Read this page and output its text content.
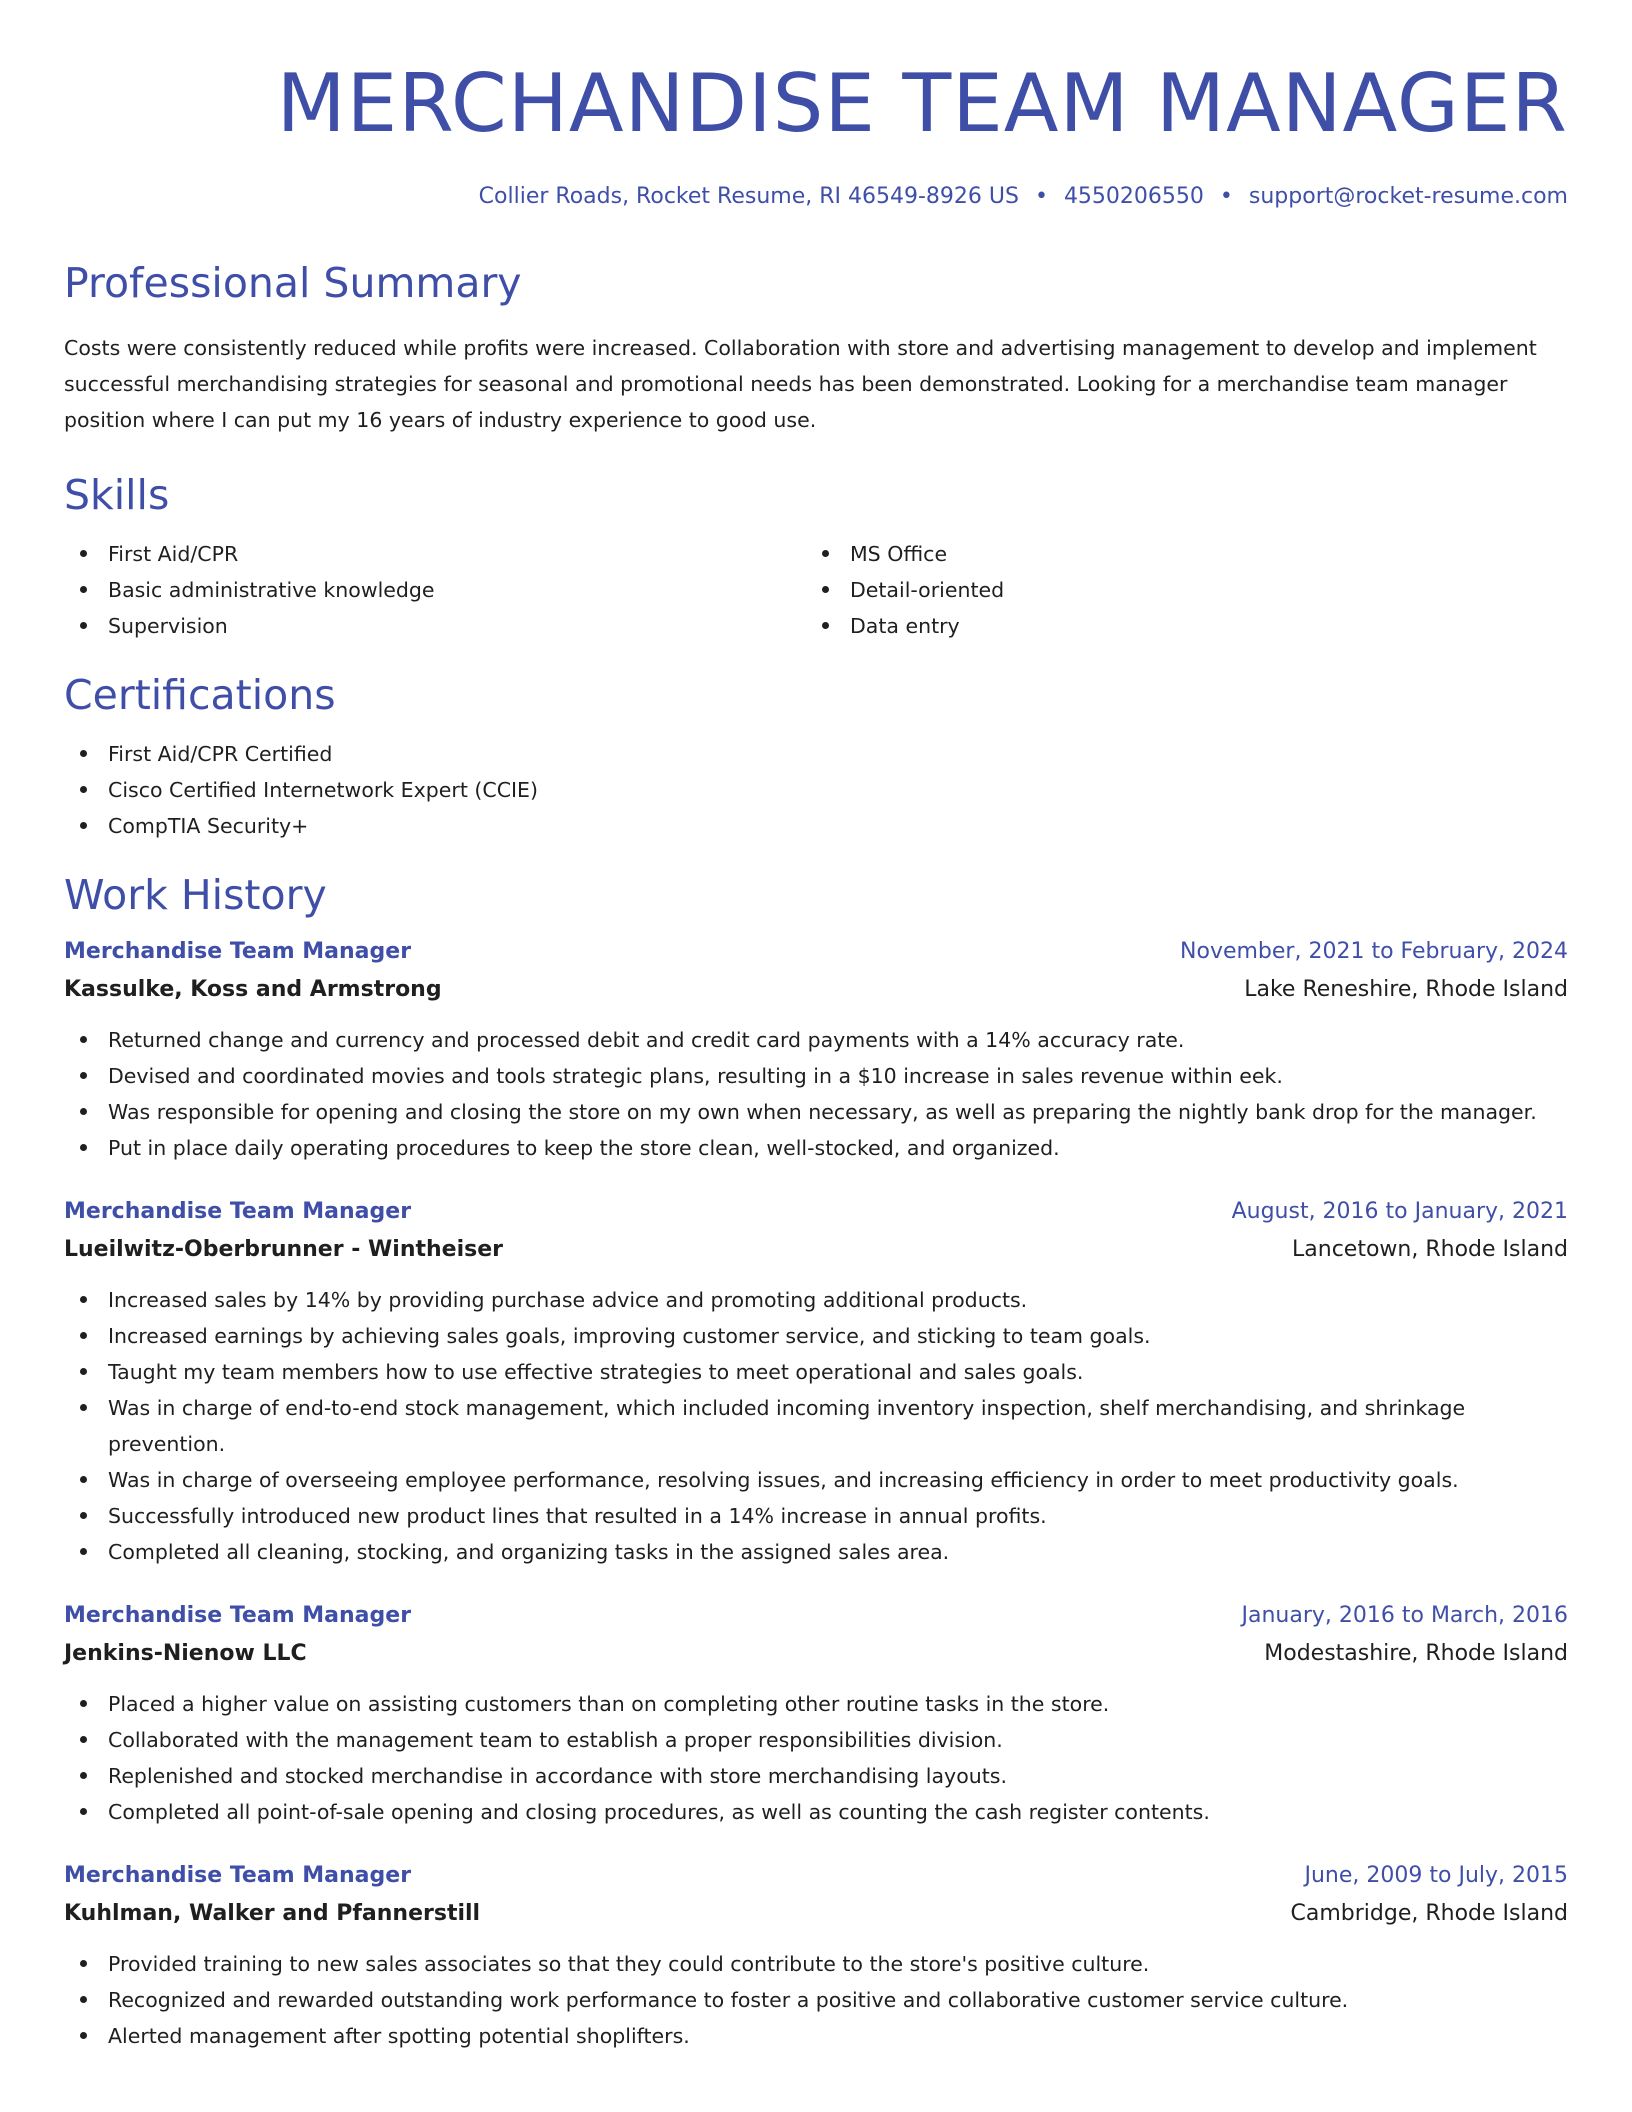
MERCHANDISE TEAM MANAGER
Collier Roads, Rocket Resume, RI 46549-8926 US • 4550206550 • support@rocket-resume.com
Professional Summary

Costs were consistently reduced while profits were increased. Collaboration with store and advertising management to develop and implement successful merchandising strategies for seasonal and promotional needs has been demonstrated. Looking for a merchandise team manager position where I can put my 16 years of industry experience to good use.

Skills
First Aid/CPR
Basic administrative knowledge
Supervision
MS Office
Detail-oriented
Data entry
Certifications
First Aid/CPR Certified
Cisco Certified Internetwork Expert (CCIE)
CompTIA Security+
Work History
Merchandise Team Manager	November, 2021 to February, 2024
Kassulke, Koss and Armstrong	Lake Reneshire, Rhode Island
Returned change and currency and processed debit and credit card payments with a 14% accuracy rate.
Devised and coordinated movies and tools strategic plans, resulting in a $10 increase in sales revenue within eek.
Was responsible for opening and closing the store on my own when necessary, as well as preparing the nightly bank drop for the manager.
Put in place daily operating procedures to keep the store clean, well-stocked, and organized.
Merchandise Team Manager	August, 2016 to January, 2021
Lueilwitz-Oberbrunner - Wintheiser	Lancetown, Rhode Island
Increased sales by 14% by providing purchase advice and promoting additional products.
Increased earnings by achieving sales goals, improving customer service, and sticking to team goals.
Taught my team members how to use effective strategies to meet operational and sales goals.
Was in charge of end-to-end stock management, which included incoming inventory inspection, shelf merchandising, and shrinkage prevention.
Was in charge of overseeing employee performance, resolving issues, and increasing efficiency in order to meet productivity goals.
Successfully introduced new product lines that resulted in a 14% increase in annual profits.
Completed all cleaning, stocking, and organizing tasks in the assigned sales area.
Merchandise Team Manager	January, 2016 to March, 2016
Jenkins-Nienow LLC	Modestashire, Rhode Island
Placed a higher value on assisting customers than on completing other routine tasks in the store.
Collaborated with the management team to establish a proper responsibilities division.
Replenished and stocked merchandise in accordance with store merchandising layouts.
Completed all point-of-sale opening and closing procedures, as well as counting the cash register contents.
Merchandise Team Manager	June, 2009 to July, 2015
Kuhlman, Walker and Pfannerstill	Cambridge, Rhode Island
Provided training to new sales associates so that they could contribute to the store's positive culture.
Recognized and rewarded outstanding work performance to foster a positive and collaborative customer service culture.
Alerted management after spotting potential shoplifters.
